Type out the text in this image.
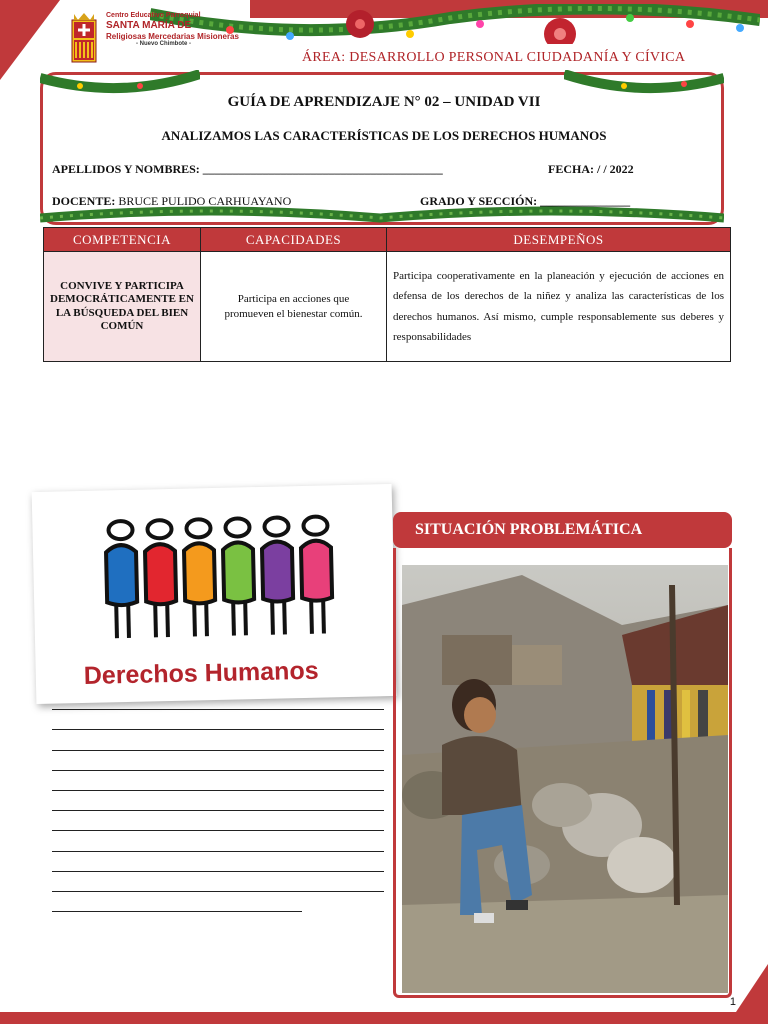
Centro Educativo Parroquial
SANTA MARÍA DE
Religiosas Mercedarias Misioneras
- Nuevo Chimbote -
ÁREA: DESARROLLO PERSONAL CIUDADANÍA Y CÍVICA
GUÍA DE APRENDIZAJE N° 02 – UNIDAD VII
ANALIZAMOS LAS CARACTERÍSTICAS DE LOS DERECHOS HUMANOS
APELLIDOS Y NOMBRES: ________________________________________	FECHA: / / 2022
DOCENTE: BRUCE PULIDO CARHUAYANO	GRADO Y SECCIÓN: _______________
COMPETENCIA	CAPACIDADES	DESEMPEÑOS
CONVIVE Y PARTICIPA DEMOCRÁTICAMENTE EN LA BÚSQUEDA DEL BIEN COMÚN	Participa en acciones que promueven el bienestar común.	Participa cooperativamente en la planeación y ejecución de acciones en defensa de los derechos de la niñez y analiza las características de los derechos humanos. Así mismo, cumple responsablemente sus deberes y responsabilidades
Derechos Humanos
SITUACIÓN PROBLEMÁTICA
1
